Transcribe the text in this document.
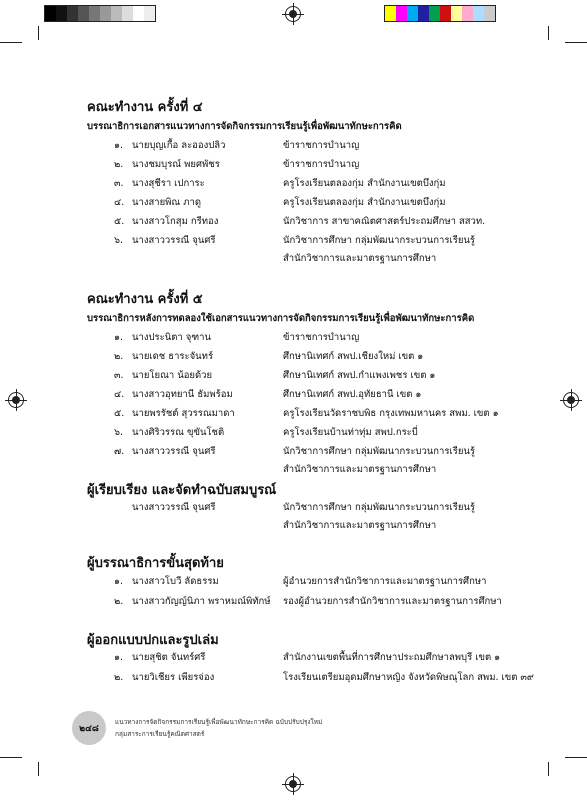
คณะทำงาน ครั้งที่ ๔
บรรณาธิการเอกสารแนวทางการจัดกิจกรรมการเรียนรู้เพื่อพัฒนาทักษะการคิด
๑. นายบุญเกื้อ ละอองปลิว	ข้าราชการบำนาญ
๒. นางชมบุรณ์ พยศพัชร	ข้าราชการบำนาญ
๓. นางสุชีรา เปการะ	ครูโรงเรียนตลองกุ่ม สำนักงานเขตบึงกุ่ม
๔. นางสายพิณ ภาดู	ครูโรงเรียนตลองกุ่ม สำนักงานเขตบึงกุ่ม
๕. นางสาวโกสุม กรีทอง	นักวิชาการ สาขาคณิตศาสตร์ประถมศึกษา สสวท.
๖. นางสาววรรณี จุนศรี	นักวิชาการศึกษา กลุ่มพัฒนากระบวนการเรียนรู้
สำนักวิชาการและมาตรฐานการศึกษา
คณะทำงาน ครั้งที่ ๕
บรรณาธิการหลังการทดลองใช้เอกสารแนวทางการจัดกิจกรรมการเรียนรู้เพื่อพัฒนาทักษะการคิด
๑. นางประนิตา จุฑาน	ข้าราชการบำนาญ
๒. นายเดช ธาระจันทร์	ศึกษานิเทศก์ สพป.เชียงใหม่ เขต ๑
๓. นายโยณา น้อยด้วย	ศึกษานิเทศก์ สพป.กำแพงเพชร เขต ๑
๔. นางสาวอุทยานี ธัมพร้อม	ศึกษานิเทศก์ สพป.อุทัยธานี เขต ๑
๕. นายพรรัชต์ สุวรรณมาดา	ครูโรงเรียนวัดราชบพิธ กรุงเทพมหานคร สพม. เขต ๑
๖. นางศิริวรรณ ขุขันโชติ	ครูโรงเรียนบ้านท่าทุ่ม สพป.กระบี่
๗. นางสาววรรณี จุนศรี	นักวิชาการศึกษา กลุ่มพัฒนากระบวนการเรียนรู้
สำนักวิชาการและมาตรฐานการศึกษา
ผู้เรียบเรียง และจัดทำฉบับสมบูรณ์
นางสาววรรณี จุนศรี	นักวิชาการศึกษา กลุ่มพัฒนากระบวนการเรียนรู้
สำนักวิชาการและมาตรฐานการศึกษา
ผู้บรรณาธิการขั้นสุดท้าย
๑. นางสาวโบวี ลัดธรรม	ผู้อำนวยการสำนักวิชาการและมาตรฐานการศึกษา
๒. นางสาวกัญญ์นิภา พราหมณ์พิทักษ์ รองผู้อำนวยการสำนักวิชาการและมาตรฐานการศึกษา
ผู้ออกแบบปกและรูปเล่ม
๑. นายสุชิต จันทร์ศรี	สำนักงานเขตพื้นที่การศึกษาประถมศึกษาลพบุรี เขต ๑
๒. นายวิเชียร เพียรจ่อง	โรงเรียนเตรียมอุดมศึกษาหญิง จังหวัดพิษณุโลก สพม. เขต ๓๙
๒๔๘
แนวทางการจัดกิจกรรมการเรียนรู้เพื่อพัฒนาทักษะการคิด ฉบับปรับปรุงใหม่
กลุ่มสาระการเรียนรู้คณิตศาสตร์
